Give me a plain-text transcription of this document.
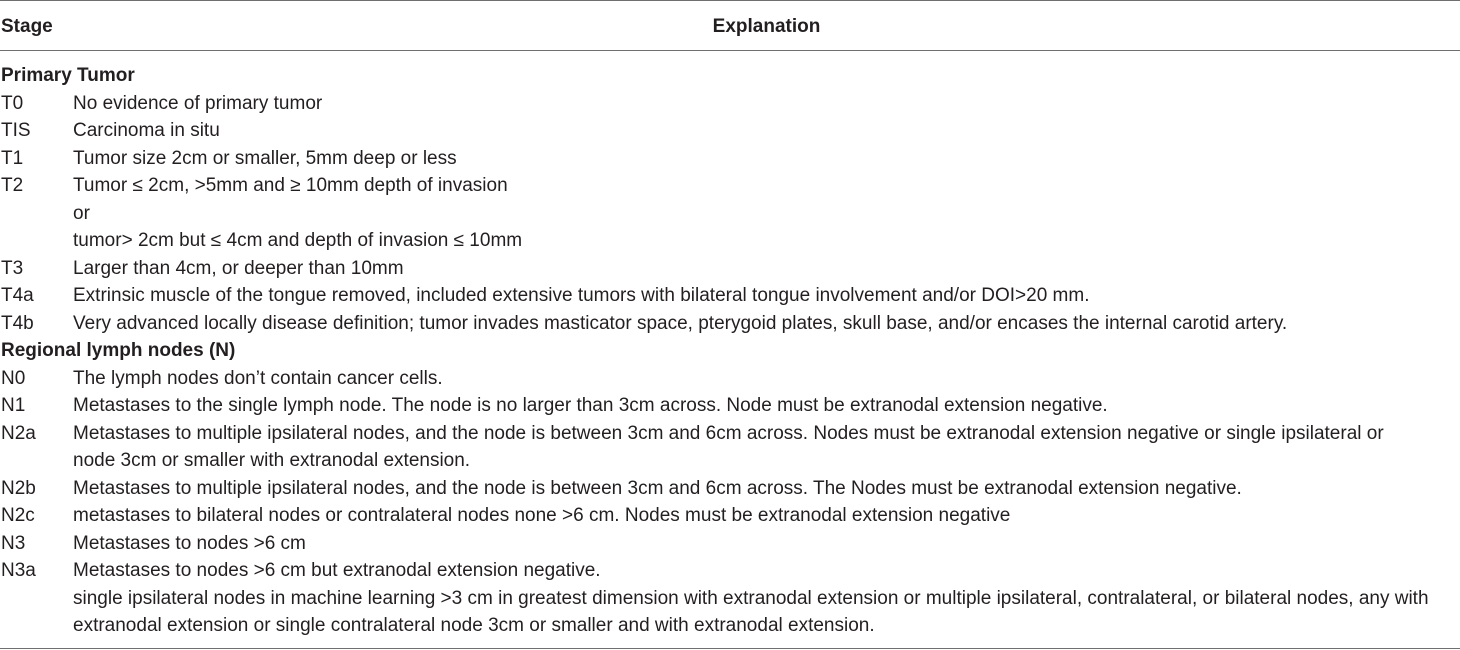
Stage	Explanation
Primary Tumor
T0	No evidence of primary tumor
TIS	Carcinoma in situ
T1	Tumor size 2cm or smaller, 5mm deep or less
T2	Tumor ≤ 2cm, >5mm and ≥ 10mm depth of invasion
or
tumor> 2cm but ≤ 4cm and depth of invasion ≤ 10mm
T3	Larger than 4cm, or deeper than 10mm
T4a	Extrinsic muscle of the tongue removed, included extensive tumors with bilateral tongue involvement and/or DOI>20 mm.
T4b	Very advanced locally disease definition; tumor invades masticator space, pterygoid plates, skull base, and/or encases the internal carotid artery.
Regional lymph nodes (N)
N0	The lymph nodes don’t contain cancer cells.
N1	Metastases to the single lymph node. The node is no larger than 3cm across. Node must be extranodal extension negative.
N2a	Metastases to multiple ipsilateral nodes, and the node is between 3cm and 6cm across. Nodes must be extranodal extension negative or single ipsilateral or
node 3cm or smaller with extranodal extension.
N2b	Metastases to multiple ipsilateral nodes, and the node is between 3cm and 6cm across. The Nodes must be extranodal extension negative.
N2c	metastases to bilateral nodes or contralateral nodes none >6 cm. Nodes must be extranodal extension negative
N3	Metastases to nodes >6 cm
N3a	Metastases to nodes >6 cm but extranodal extension negative.
single ipsilateral nodes in machine learning >3 cm in greatest dimension with extranodal extension or multiple ipsilateral, contralateral, or bilateral nodes, any with
extranodal extension or single contralateral node 3cm or smaller and with extranodal extension.
